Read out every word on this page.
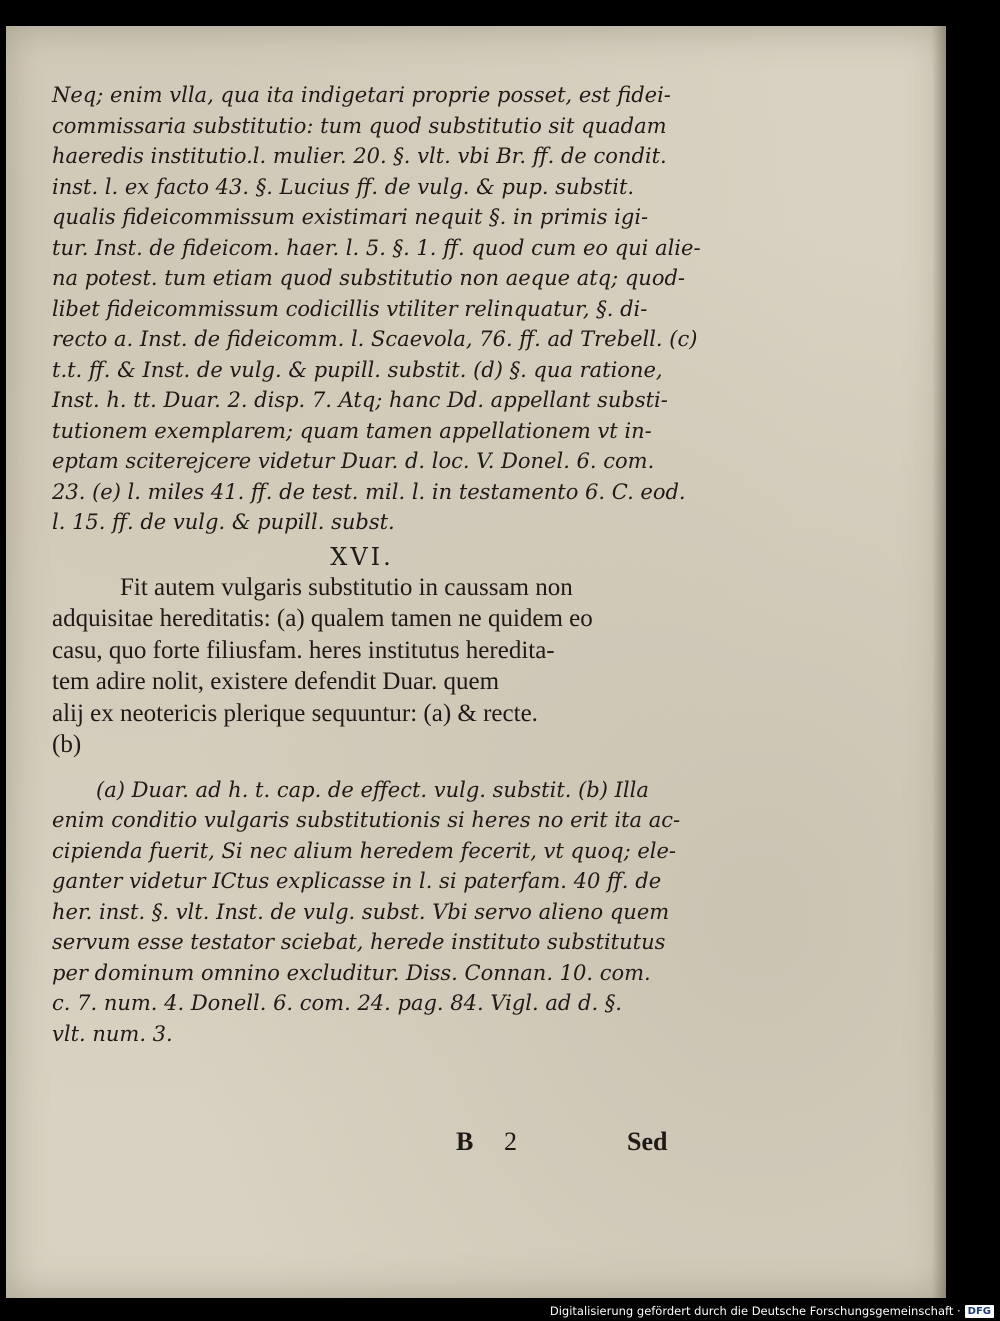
Neq; enim vlla, qua ita indigetari proprie posset, est fidei-
commissaria substitutio: tum quod substitutio sit quadam
haeredis institutio.l. mulier. 20. §. vlt. vbi Br. ff. de condit.
inst. l. ex facto 43. §. Lucius ff. de vulg. & pup. substit.
qualis fideicommissum existimari nequit §. in primis igi-
tur. Inst. de fideicom. haer. l. 5. §. 1. ff. quod cum eo qui alie-
na potest. tum etiam quod substitutio non aeque atq; quod-
libet fideicommissum codicillis vtiliter relinquatur, §. di-
recto a. Inst. de fideicomm. l. Scaevola, 76. ff. ad Trebell. (c)
t.t. ff. & Inst. de vulg. & pupill. substit. (d) §. qua ratione,
Inst. h. tt. Duar. 2. disp. 7. Atq; hanc Dd. appellant substi-
tutionem exemplarem; quam tamen appellationem vt in-
eptam sciterejcere videtur Duar. d. loc. V. Donel. 6. com.
23. (e) l. miles 41. ff. de test. mil. l. in testamento 6. C. eod.
l. 15. ff. de vulg. & pupill. subst.
XVI.
Fit autem vulgaris substitutio in caussam non
adquisitae hereditatis: (a) qualem tamen ne quidem eo
casu, quo forte filiusfam. heres institutus heredita-
tem adire nolit, existere defendit Duar. quem
alij ex neotericis plerique sequuntur: (a) & recte.
(b)
(a) Duar. ad h. t. cap. de effect. vulg. substit. (b) Illa
enim conditio vulgaris substitutionis si heres no erit ita ac-
cipienda fuerit, Si nec alium heredem fecerit, vt quoq; ele-
ganter videtur ICtus explicasse in l. si paterfam. 40 ff. de
her. inst. §. vlt. Inst. de vulg. subst. Vbi servo alieno quem
servum esse testator sciebat, herede instituto substitutus
per dominum omnino excluditur. Diss. Connan. 10. com.
c. 7. num. 4. Donell. 6. com. 24. pag. 84. Vigl. ad d. §.
vlt. num. 3.
B 2	Sed
Digitalisierung gefördert durch die Deutsche Forschungsgemeinschaft · DFG
